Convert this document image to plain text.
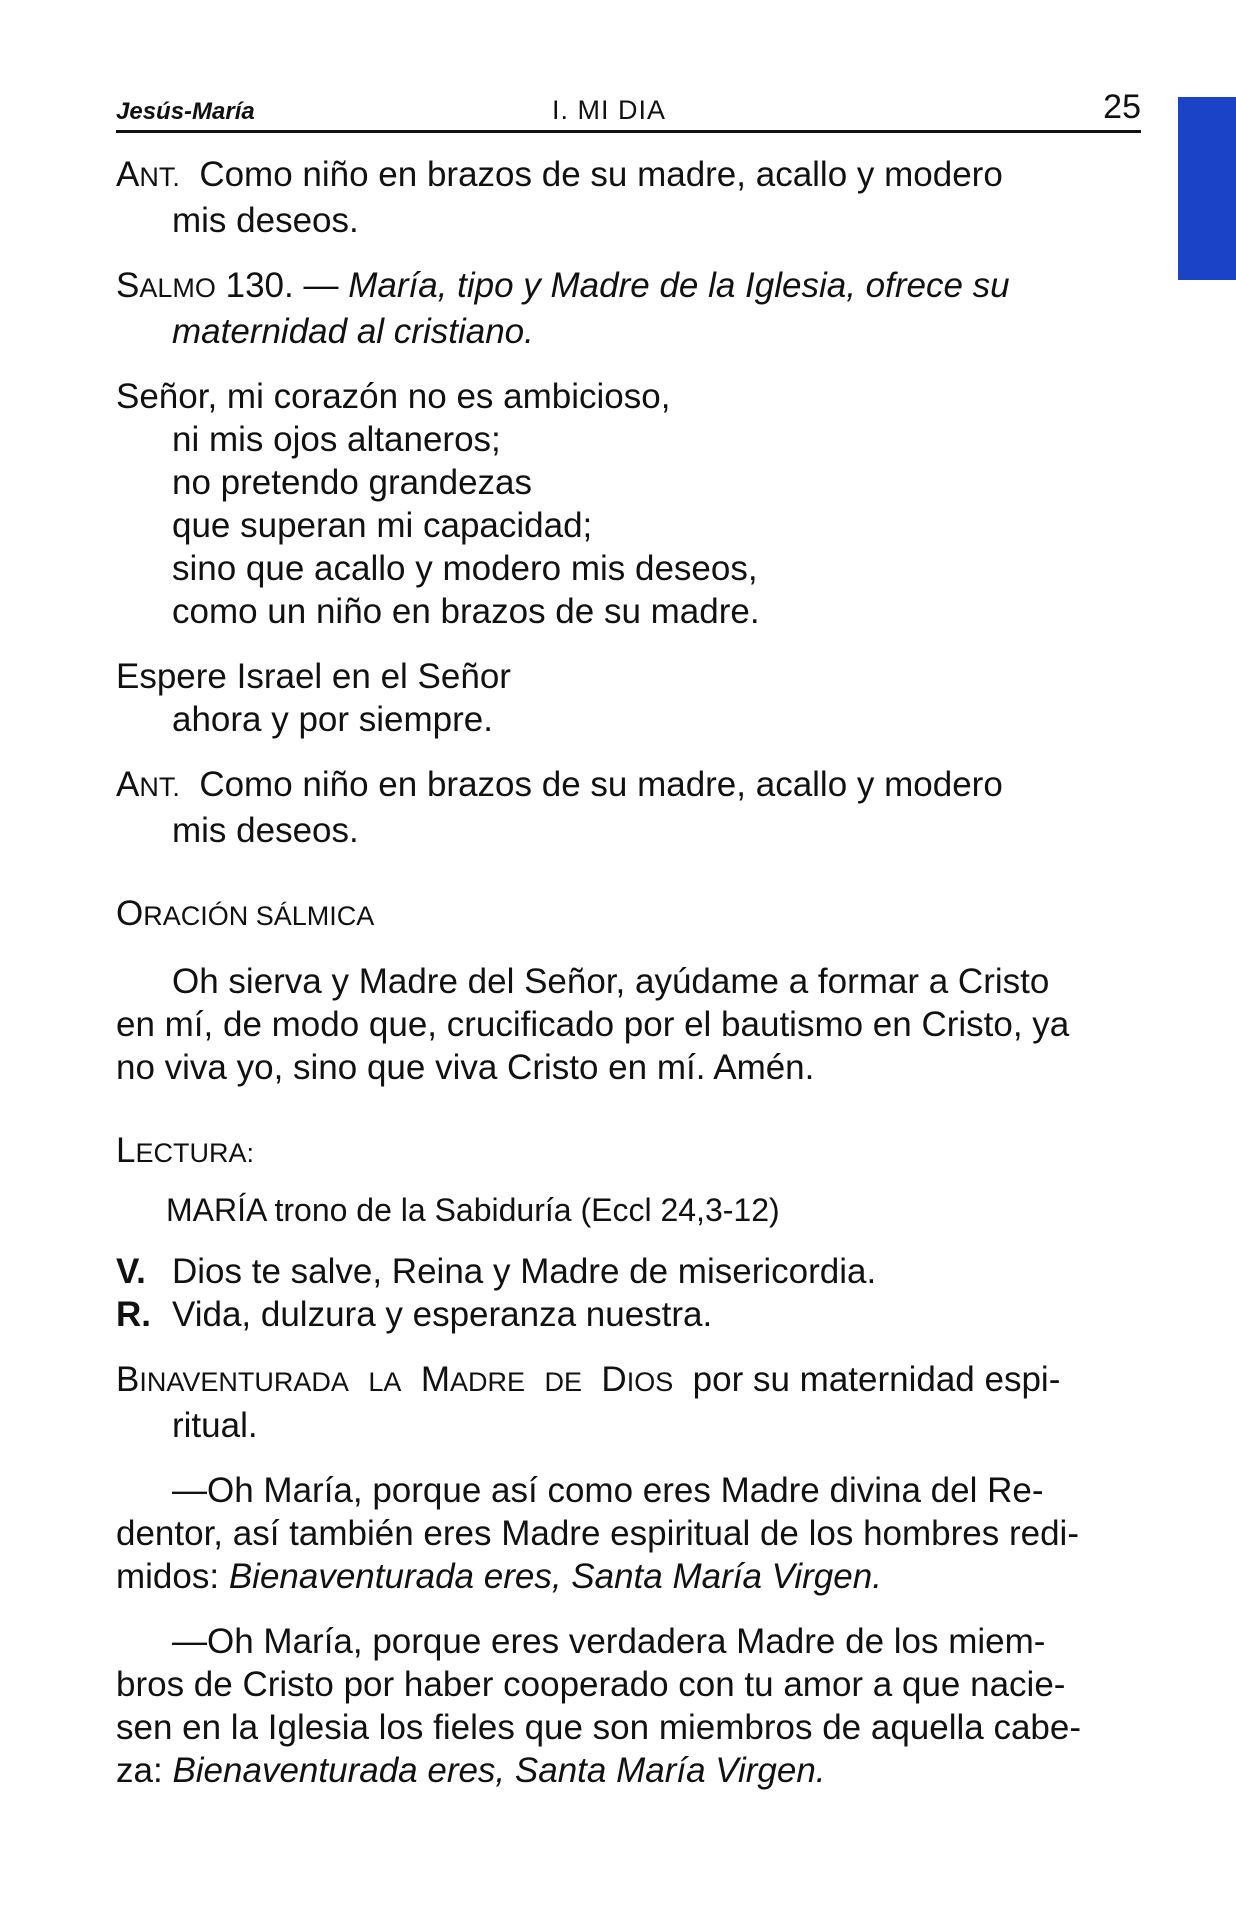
Jesús-María	I. MI DIA	25
ANT. Como niño en brazos de su madre, acallo y modero
mis deseos.
SALMO 130. — María, tipo y Madre de la Iglesia, ofrece su
maternidad al cristiano.
Señor, mi corazón no es ambicioso,
ni mis ojos altaneros;
no pretendo grandezas
que superan mi capacidad;
sino que acallo y modero mis deseos,
como un niño en brazos de su madre.
Espere Israel en el Señor
ahora y por siempre.
ANT. Como niño en brazos de su madre, acallo y modero
mis deseos.
ORACIÓN SÁLMICA
Oh sierva y Madre del Señor, ayúdame a formar a Cristo
en mí, de modo que, crucificado por el bautismo en Cristo, ya
no viva yo, sino que viva Cristo en mí. Amén.
LECTURA:
MARÍA trono de la Sabiduría (Eccl 24,3-12)
V. Dios te salve, Reina y Madre de misericordia.
R. Vida, dulzura y esperanza nuestra.
BINAVENTURADA LA MADRE DE DIOS por su maternidad espi-
ritual.
—Oh María, porque así como eres Madre divina del Re-
dentor, así también eres Madre espiritual de los hombres redi-
midos: Bienaventurada eres, Santa María Virgen.
—Oh María, porque eres verdadera Madre de los miem-
bros de Cristo por haber cooperado con tu amor a que nacie-
sen en la Iglesia los fieles que son miembros de aquella cabe-
za: Bienaventurada eres, Santa María Virgen.
